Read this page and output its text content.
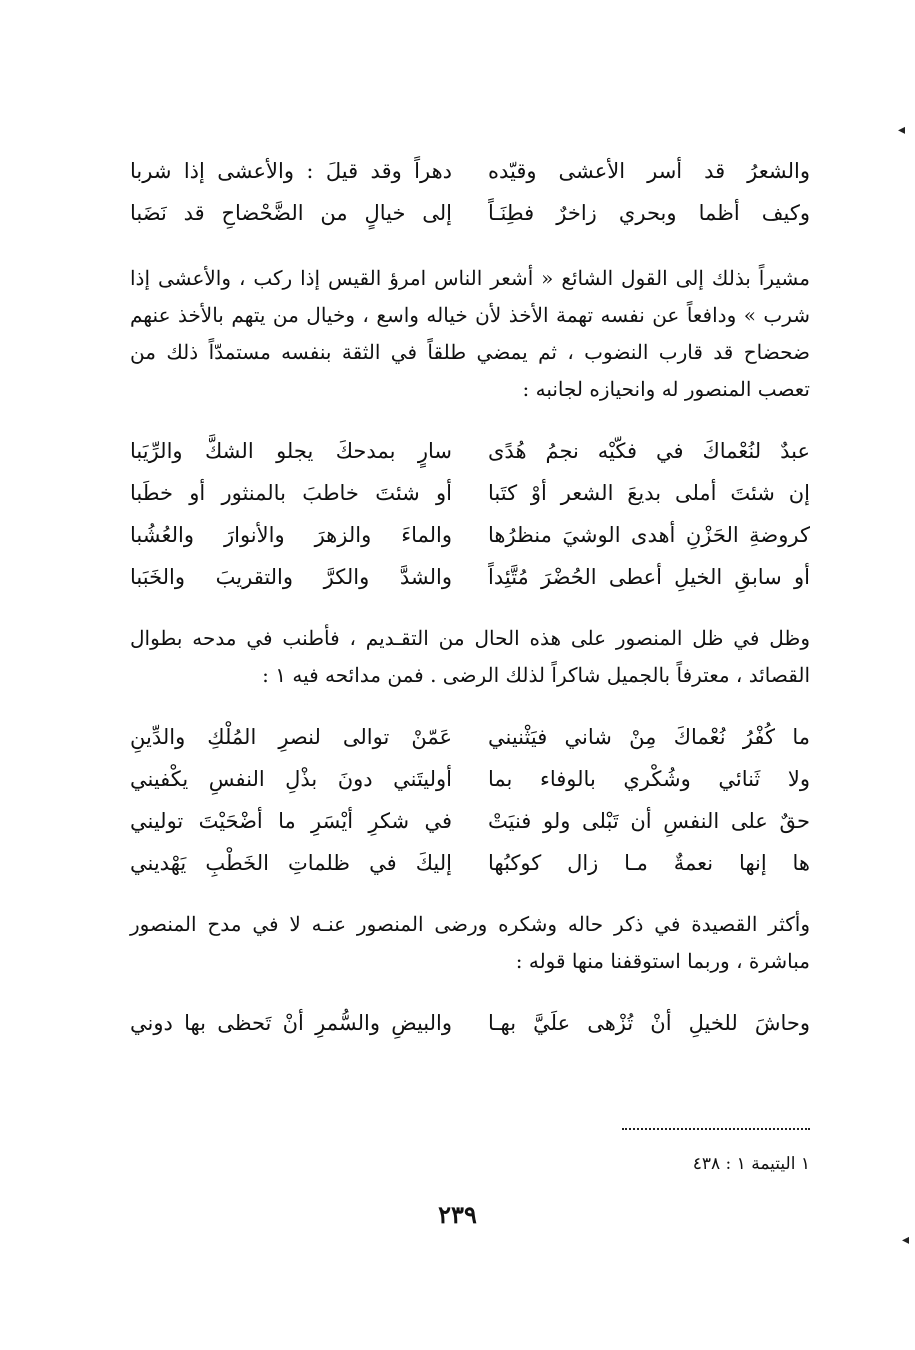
◂
والشعرُ قد أسر الأعشى وقيّده
دهراً وقد قيلَ : والأعشى إذا شربا
وكيف أظما وبحري زاخرٌ فطِنَـاً
إلى خيالٍ من الضَّحْضاحِ قد نَضَبا

مشيراً بذلك إلى القول الشائع « أشعر الناس امرؤ القيس إذا ركب ، والأعشى إذا شرب » ودافعاً عن نفسه تهمة الأخذ لأن خياله واسع ، وخيال من يتهم بالأخذ عنهم ضحضاح قد قارب النضوب ، ثم يمضي طلقاً في الثقة بنفسه مستمدّاً ذلك من تعصب المنصور له وانحيازه لجانبه :

عبدٌ لنُعْماكَ في فكّيْه نجمُ هُدًى
سارٍ بمدحكَ يجلو الشكَّ والرِّيَبا
إن شئتَ أملى بديعَ الشعر أوْ كتَبا
أو شئتَ خاطبَ بالمنثور أو خطَبا
كروضةِ الحَزْنِ أهدى الوشيَ منظرُها
والماءَ والزهرَ والأنوارَ والعُشُبا
أو سابقِ الخيلِ أعطى الحُضْرَ مُتَّئِداً
والشدَّ والكرَّ والتقريبَ والخَبَبا

وظل في ظل المنصور على هذه الحال من التقـديم ، فأطنب في مدحه بطوال القصائد ، معترفاً بالجميل شاكراً لذلك الرضى . فمن مدائحه فيه ١ :

ما كُفْرُ نُعْماكَ مِنْ شاني فيَثْنيني
عَمّنْ توالى لنصرِ المُلْكِ والدِّينِ
ولا ثَنائي وشُكْري بالوفاء بما
أوليتَني دونَ بذْلِ النفسِ يكْفيني
حقٌ على النفسِ أن تَبْلى ولو فنيَتْ
في شكرِ أيْسَرِ ما أضْحَيْتَ توليني
ها إنها نعمةٌ مـا زال كوكبُها
إليكَ في ظلماتِ الخَطْبِ يَهْديني

وأكثر القصيدة في ذكر حاله وشكره ورضى المنصور عنـه لا في مدح المنصور مباشرة ، وربما استوقفنا منها قوله :

وحاشَ للخيلِ أنْ تُزْهى علَيَّ بهـا
والبيضِ والسُّمرِ أنْ تَحظى بها دوني
١ اليتيمة ١ : ٤٣٨
٢٣٩
◂
